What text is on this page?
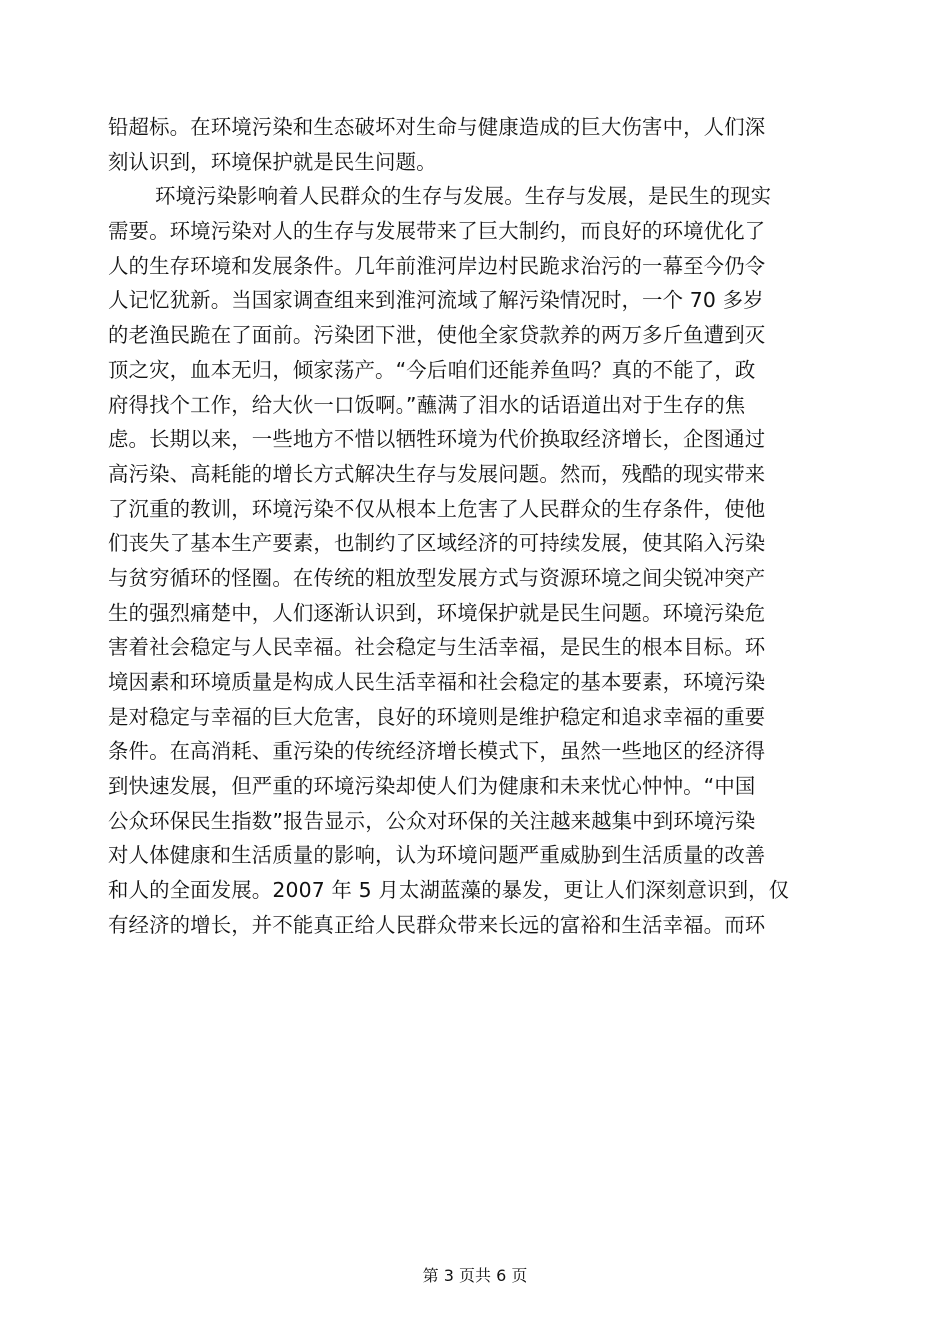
铅超标。在环境污染和生态破坏对生命与健康造成的巨大伤害中，人们深
刻认识到，环境保护就是民生问题。
环境污染影响着人民群众的生存与发展。生存与发展，是民生的现实
需要。环境污染对人的生存与发展带来了巨大制约，而良好的环境优化了
人的生存环境和发展条件。几年前淮河岸边村民跪求治污的一幕至今仍令
人记忆犹新。当国家调查组来到淮河流域了解污染情况时，一个 70 多岁
的老渔民跪在了面前。污染团下泄，使他全家贷款养的两万多斤鱼遭到灭
顶之灾，血本无归，倾家荡产。“今后咱们还能养鱼吗？真的不能了，政
府得找个工作，给大伙一口饭啊。”蘸满了泪水的话语道出对于生存的焦
虑。长期以来，一些地方不惜以牺牲环境为代价换取经济增长，企图通过
高污染、高耗能的增长方式解决生存与发展问题。然而，残酷的现实带来
了沉重的教训，环境污染不仅从根本上危害了人民群众的生存条件，使他
们丧失了基本生产要素，也制约了区域经济的可持续发展，使其陷入污染
与贫穷循环的怪圈。在传统的粗放型发展方式与资源环境之间尖锐冲突产
生的强烈痛楚中，人们逐渐认识到，环境保护就是民生问题。环境污染危
害着社会稳定与人民幸福。社会稳定与生活幸福，是民生的根本目标。环
境因素和环境质量是构成人民生活幸福和社会稳定的基本要素，环境污染
是对稳定与幸福的巨大危害，良好的环境则是维护稳定和追求幸福的重要
条件。在高消耗、重污染的传统经济增长模式下，虽然一些地区的经济得
到快速发展，但严重的环境污染却使人们为健康和未来忧心忡忡。“中国
公众环保民生指数”报告显示，公众对环保的关注越来越集中到环境污染
对人体健康和生活质量的影响，认为环境问题严重威胁到生活质量的改善
和人的全面发展。2007 年 5 月太湖蓝藻的暴发，更让人们深刻意识到，仅
有经济的增长，并不能真正给人民群众带来长远的富裕和生活幸福。而环
第 3 页共 6 页
